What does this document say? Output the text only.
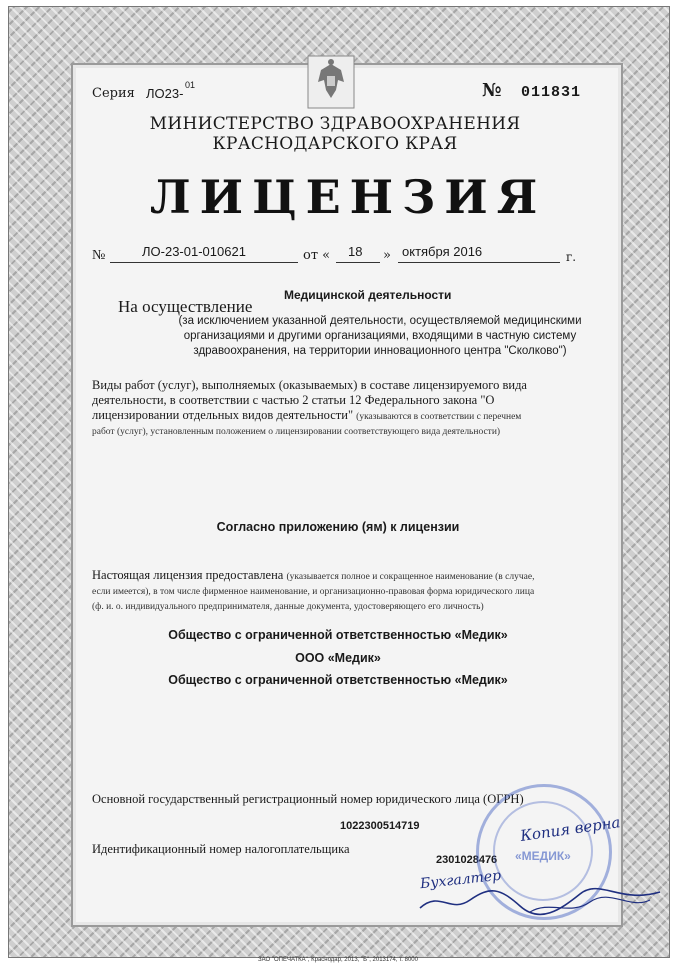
Серия ЛО23-
01	№ 011831
МИНИСТЕРСТВО ЗДРАВООХРАНЕНИЯ
КРАСНОДАРСКОГО КРАЯ
ЛИЦЕНЗИЯ
№	ЛО-23-01-010621	от « 18 » октября 2016	г.
Медицинской деятельности
На осуществление
(за исключением указанной деятельности, осуществляемой медицинскими
организациями и другими организациями, входящими в частную систему
здравоохранения, на территории инновационного центра "Сколково")
Виды работ (услуг), выполняемых (оказываемых) в составе лицензируемого вида
деятельности, в соответствии с частью 2 статьи 12 Федерального закона "О
лицензировании отдельных видов деятельности" (указываются в соответствии с перечнем
работ (услуг), установленным положением о лицензировании соответствующего вида деятельности)
Согласно приложению (ям) к лицензии
Настоящая лицензия предоставлена (указывается полное и сокращенное наименование (в случае,
если имеется), в том числе фирменное наименование, и организационно-правовая форма юридического лица
(ф. и. о. индивидуального предпринимателя, данные документа, удостоверяющего его личность)
Общество с ограниченной ответственностью «Медик»
ООО «Медик»
Общество с ограниченной ответственностью «Медик»
Основной государственный регистрационный номер юридического лица (ОГРН)
1022300514719
Идентификационный номер налогоплательщика
2301028476 «МЕДИК»
Копия верна
Бухгалтер
ЗАО "ОПЕЧАТКА", Краснодар, 2013, "Б", 2013174, т. 8000
